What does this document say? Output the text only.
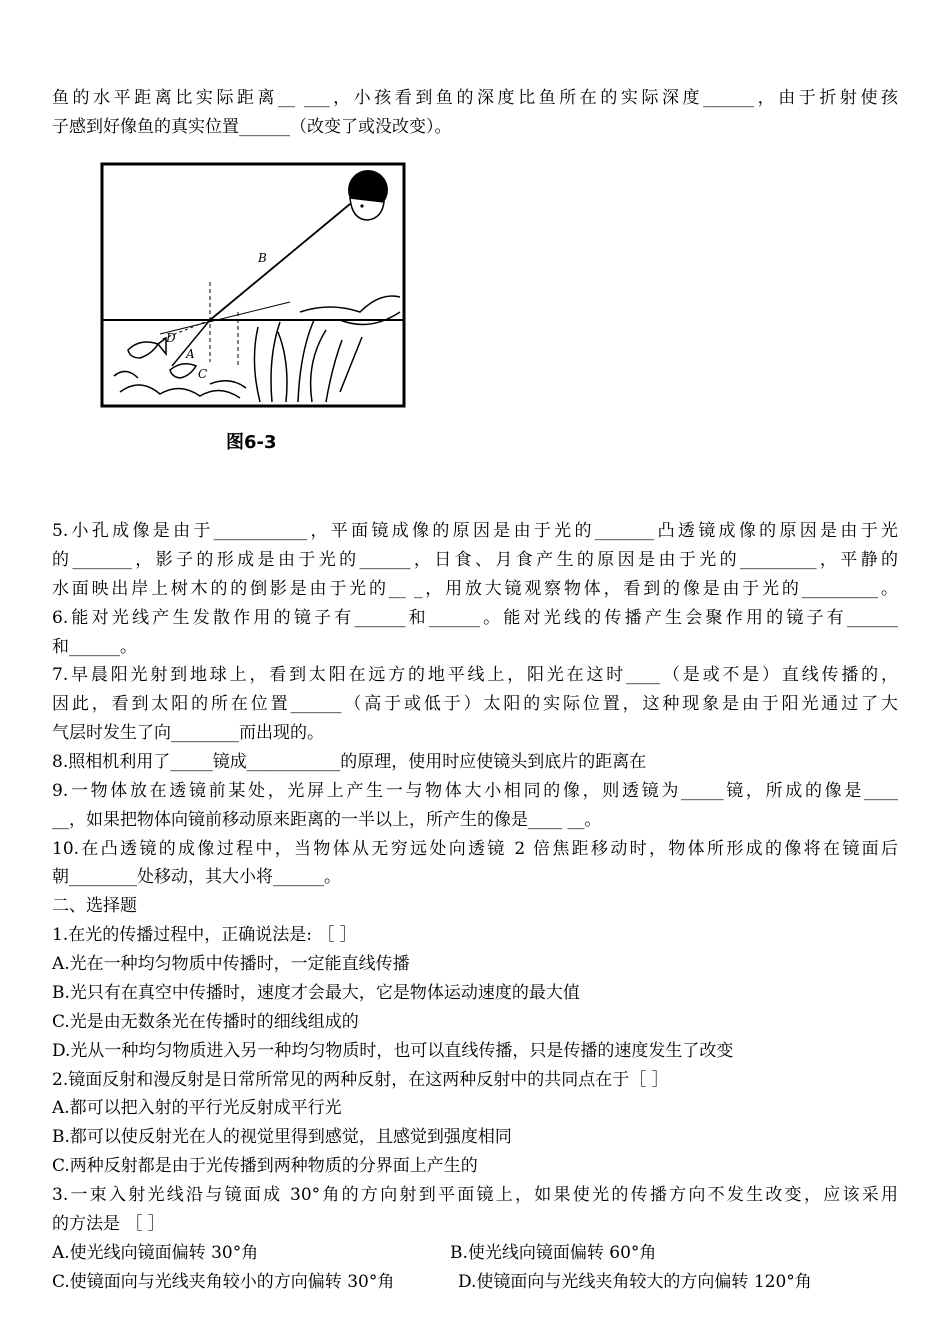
鱼的水平距离比实际距离__ ___，小孩看到鱼的深度比鱼所在的实际深度______，由于折射使孩
子感到好像鱼的真实位置______（改变了或没改变）。
B
D
A
C
图6-3
5.小孔成像是由于___________，平面镜成像的原因是由于光的_______凸透镜成像的原因是由于光
的_______，影子的形成是由于光的______，日食、月食产生的原因是由于光的_________，平静的
水面映出岸上树木的的倒影是由于光的__ _，用放大镜观察物体，看到的像是由于光的_________。
6.能对光线产生发散作用的镜子有______和______。能对光线的传播产生会聚作用的镜子有______
和______。
7.早晨阳光射到地球上，看到太阳在远方的地平线上，阳光在这时____（是或不是）直线传播的，
因此，看到太阳的所在位置______（高于或低于）太阳的实际位置，这种现象是由于阳光通过了大
气层时发生了向________而出现的。
8.照相机利用了_____镜成___________的原理，使用时应使镜头到底片的距离在
9.一物体放在透镜前某处，光屏上产生一与物体大小相同的像，则透镜为_____镜，所成的像是____
__，如果把物体向镜前移动原来距离的一半以上，所产生的像是____ __。
10.在凸透镜的成像过程中，当物体从无穷远处向透镜 2 倍焦距移动时，物体所形成的像将在镜面后
朝________处移动，其大小将______。
二、选择题
1.在光的传播过程中，正确说法是: ［ ］
A.光在一种均匀物质中传播时，一定能直线传播
B.光只有在真空中传播时，速度才会最大，它是物体运动速度的最大值
C.光是由无数条光在传播时的细线组成的
D.光从一种均匀物质进入另一种均匀物质时，也可以直线传播，只是传播的速度发生了改变
2.镜面反射和漫反射是日常所常见的两种反射，在这两种反射中的共同点在于［ ］
A.都可以把入射的平行光反射成平行光
B.都可以使反射光在人的视觉里得到感觉，且感觉到强度相同
C.两种反射都是由于光传播到两种物质的分界面上产生的
3.一束入射光线沿与镜面成 30°角的方向射到平面镜上，如果使光的传播方向不发生改变，应该采用
的方法是 ［ ］
A.使光线向镜面偏转 30°角	B.使光线向镜面偏转 60°角
C.使镜面向与光线夹角较小的方向偏转 30°角	D.使镜面向与光线夹角较大的方向偏转 120°角
